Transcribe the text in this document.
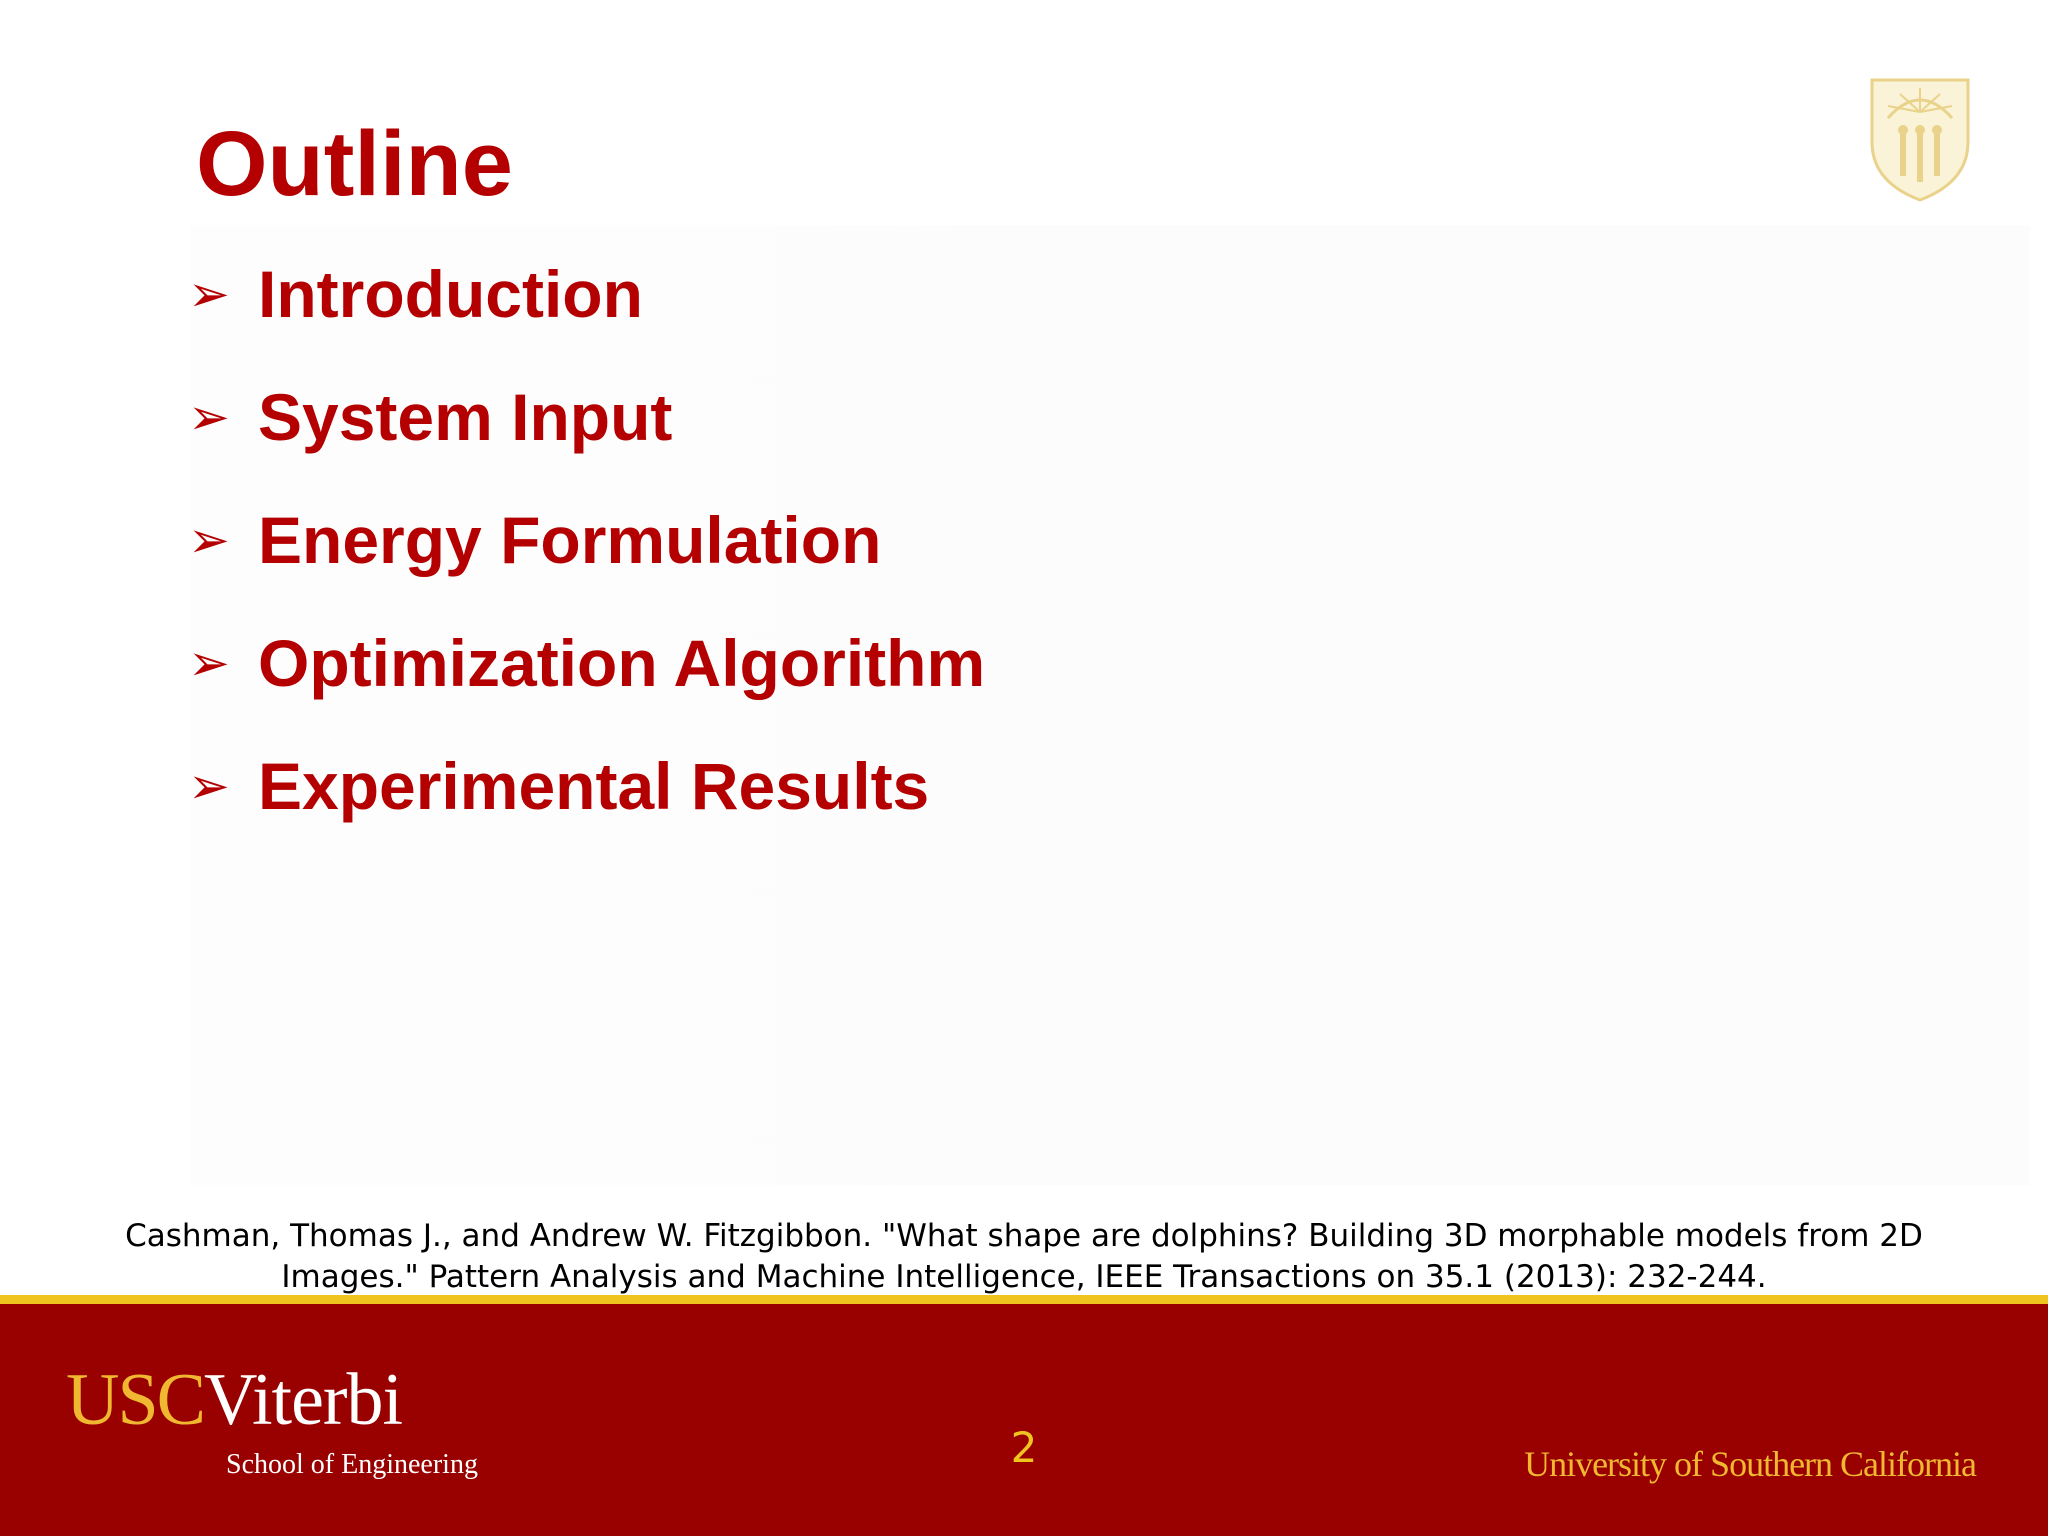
Outline
➢ Introduction
➢ System Input
➢ Energy Formulation
➢ Optimization Algorithm
➢ Experimental Results
Cashman, Thomas J., and Andrew W. Fitzgibbon. "What shape are dolphins? Building 3D morphable models from 2D
Images." Pattern Analysis and Machine Intelligence, IEEE Transactions on 35.1 (2013): 232-244.
USCViterbi
School of Engineering	2	University of Southern California
